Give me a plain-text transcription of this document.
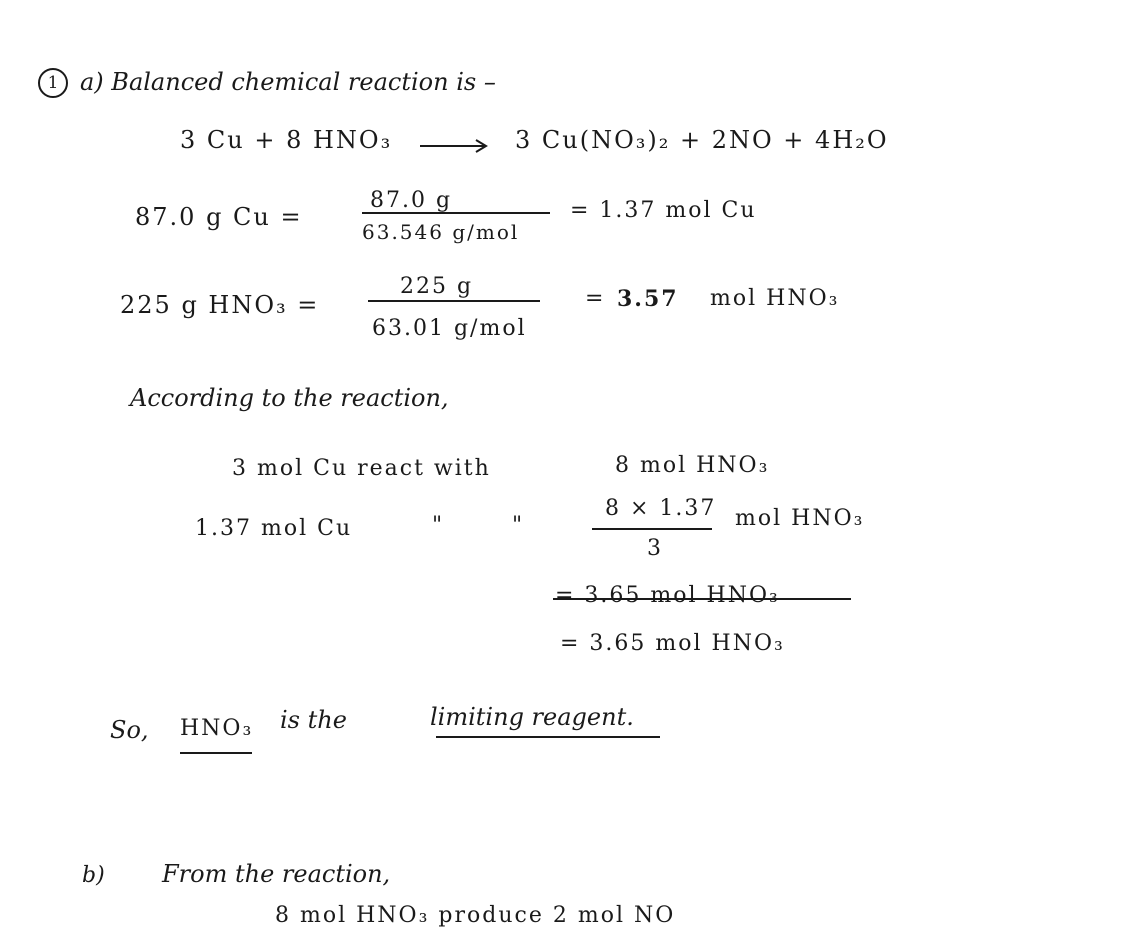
1 a) Balanced chemical reaction is –
3 Cu + 8 HNO₃	3 Cu(NO₃)₂ + 2NO + 4H₂O
87.0 g Cu =
87.0 g
63.546 g/mol
= 1.37 mol Cu
225 g HNO₃ =
225 g
63.01 g/mol
= 3.57 mol HNO₃
According to the reaction,
3 mol Cu react with	8 mol HNO₃
1.37 mol Cu	"	"
8 × 1.37
3
mol HNO₃
= 3.65 mol HNO₃
= 3.65 mol HNO₃
So, HNO₃ is the	limiting reagent.
b) From the reaction,
8 mol HNO₃ produce 2 mol NO
